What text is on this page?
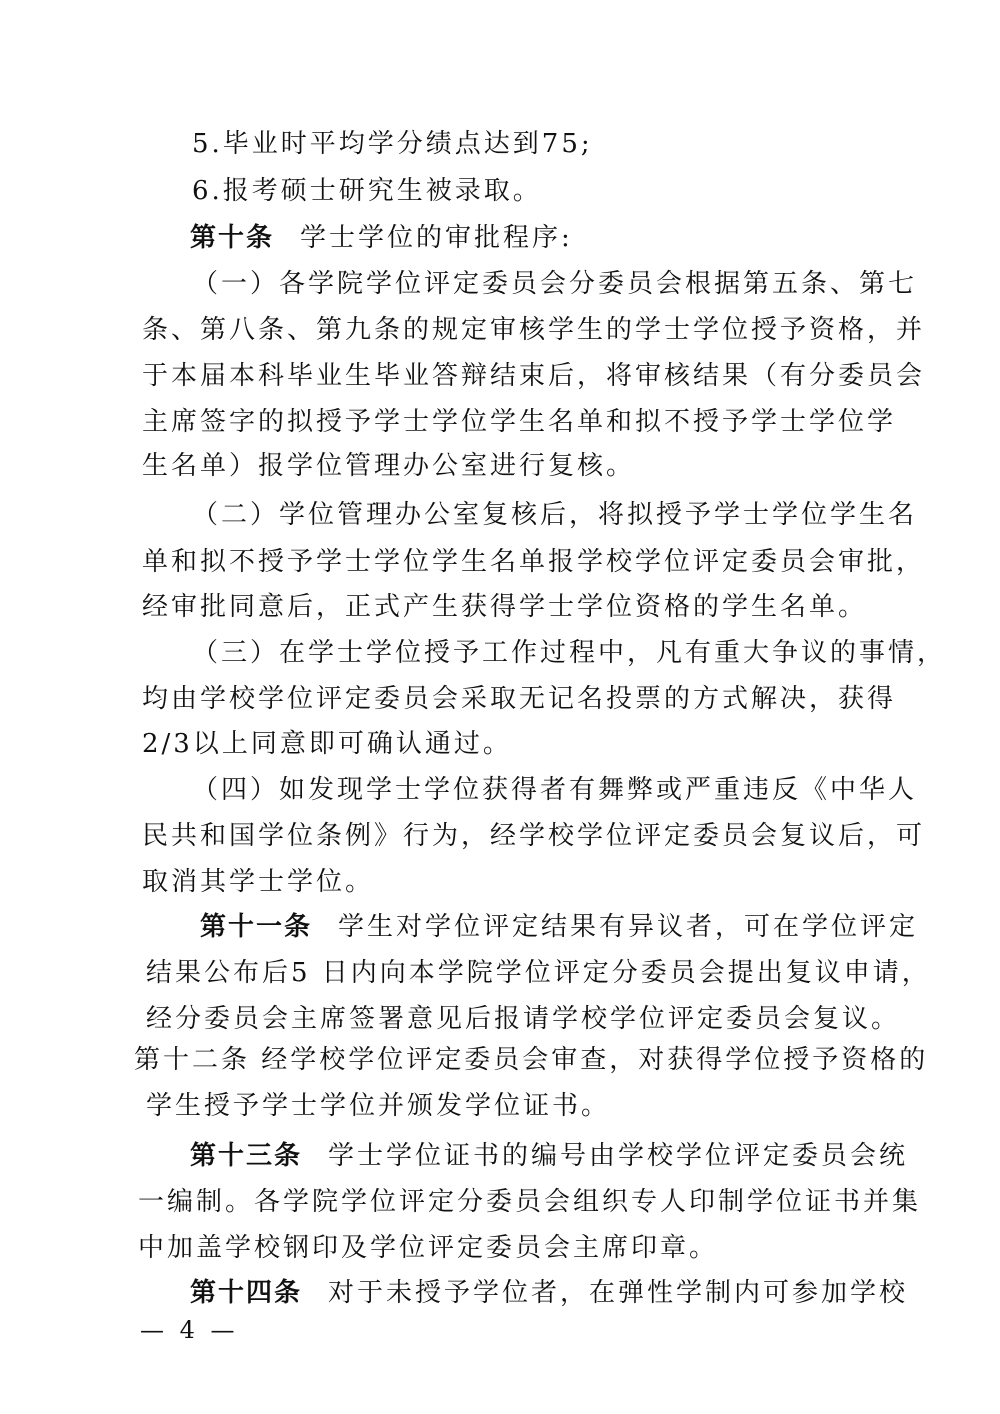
5.毕业时平均学分绩点达到75;
6.报考硕士研究生被录取。
第十条 学士学位的审批程序:
（一）各学院学位评定委员会分委员会根据第五条、第七
条、第八条、第九条的规定审核学生的学士学位授予资格，并
于本届本科毕业生毕业答辩结束后，将审核结果（有分委员会
主席签字的拟授予学士学位学生名单和拟不授予学士学位学
生名单）报学位管理办公室进行复核。
（二）学位管理办公室复核后，将拟授予学士学位学生名
单和拟不授予学士学位学生名单报学校学位评定委员会审批，
经审批同意后，正式产生获得学士学位资格的学生名单。
（三）在学士学位授予工作过程中，凡有重大争议的事情，
均由学校学位评定委员会采取无记名投票的方式解决，获得
2/3以上同意即可确认通过。
（四）如发现学士学位获得者有舞弊或严重违反《中华人
民共和国学位条例》行为，经学校学位评定委员会复议后，可
取消其学士学位。
第十一条 学生对学位评定结果有异议者，可在学位评定
结果公布后5 日内向本学院学位评定分委员会提出复议申请，
经分委员会主席签署意见后报请学校学位评定委员会复议。
第十二条 经学校学位评定委员会审查，对获得学位授予资格的
学生授予学士学位并颁发学位证书。
第十三条 学士学位证书的编号由学校学位评定委员会统
一编制。各学院学位评定分委员会组织专人印制学位证书并集
中加盖学校钢印及学位评定委员会主席印章。
第十四条 对于未授予学位者，在弹性学制内可参加学校
— 4 —
